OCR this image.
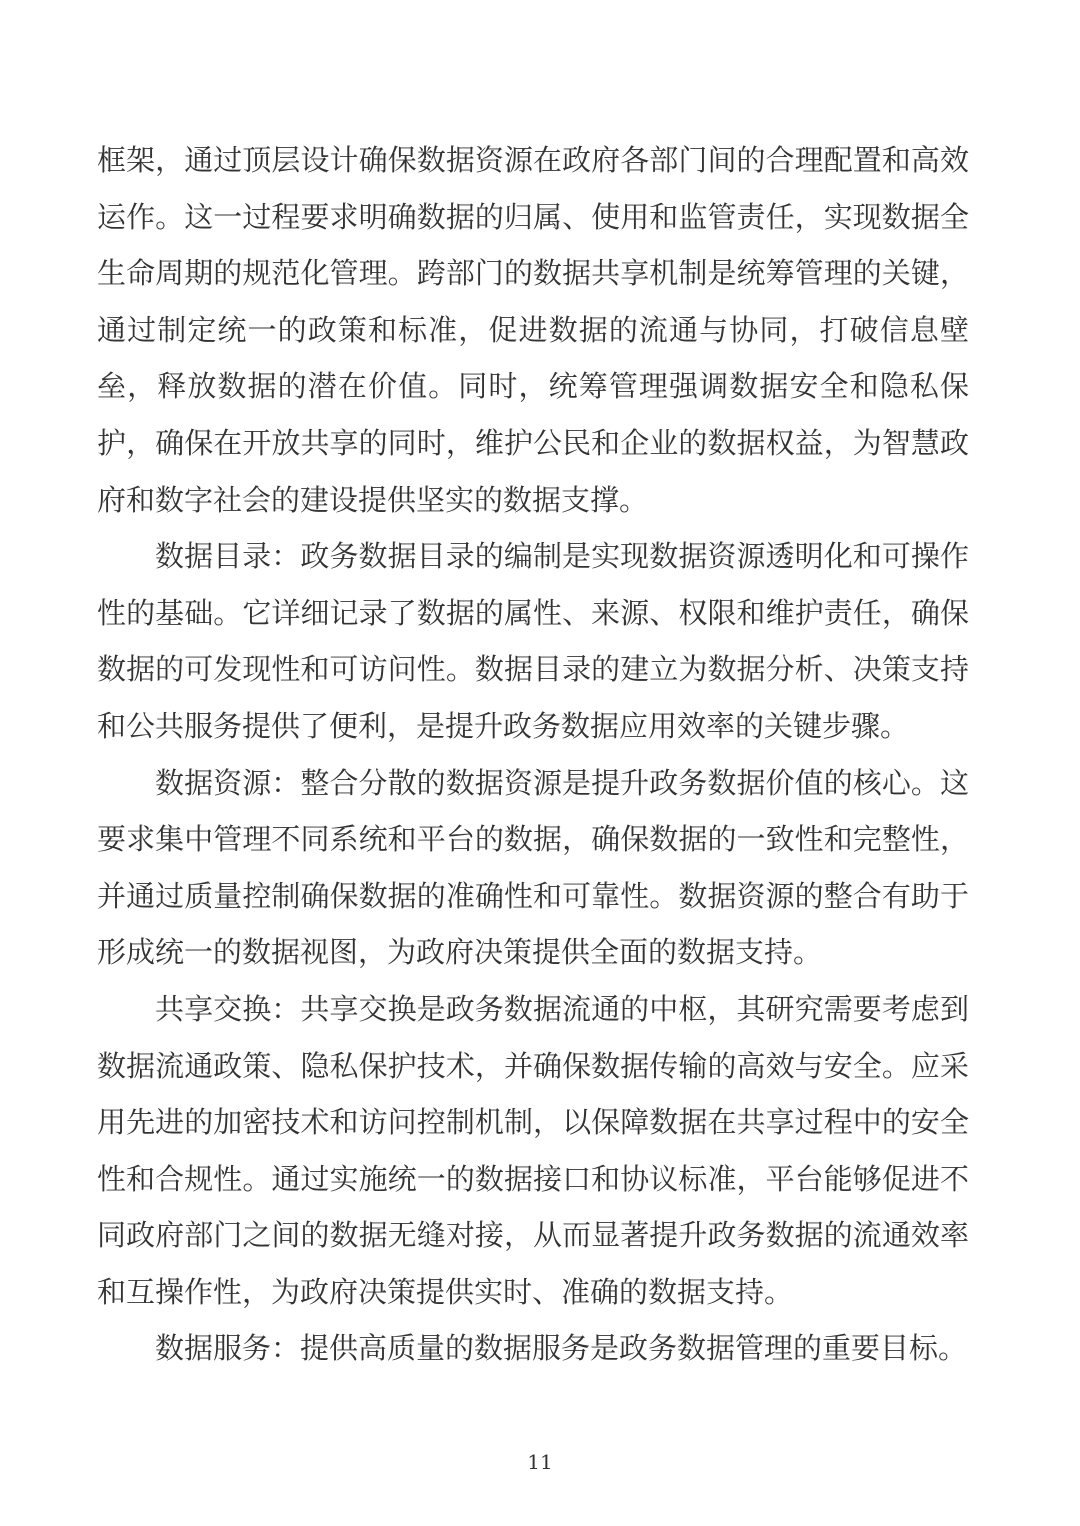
框架，通过顶层设计确保数据资源在政府各部门间的合理配置和高效运作。这一过程要求明确数据的归属、使用和监管责任，实现数据全生命周期的规范化管理。跨部门的数据共享机制是统筹管理的关键，通过制定统一的政策和标准，促进数据的流通与协同，打破信息壁垒，释放数据的潜在价值。同时，统筹管理强调数据安全和隐私保护，确保在开放共享的同时，维护公民和企业的数据权益，为智慧政府和数字社会的建设提供坚实的数据支撑。

数据目录：政务数据目录的编制是实现数据资源透明化和可操作性的基础。它详细记录了数据的属性、来源、权限和维护责任，确保数据的可发现性和可访问性。数据目录的建立为数据分析、决策支持和公共服务提供了便利，是提升政务数据应用效率的关键步骤。

数据资源：整合分散的数据资源是提升政务数据价值的核心。这要求集中管理不同系统和平台的数据，确保数据的一致性和完整性，并通过质量控制确保数据的准确性和可靠性。数据资源的整合有助于形成统一的数据视图，为政府决策提供全面的数据支持。

共享交换：共享交换是政务数据流通的中枢，其研究需要考虑到数据流通政策、隐私保护技术，并确保数据传输的高效与安全。应采用先进的加密技术和访问控制机制，以保障数据在共享过程中的安全性和合规性。通过实施统一的数据接口和协议标准，平台能够促进不同政府部门之间的数据无缝对接，从而显著提升政务数据的流通效率和互操作性，为政府决策提供实时、准确的数据支持。

数据服务：提供高质量的数据服务是政务数据管理的重要目标。

11
